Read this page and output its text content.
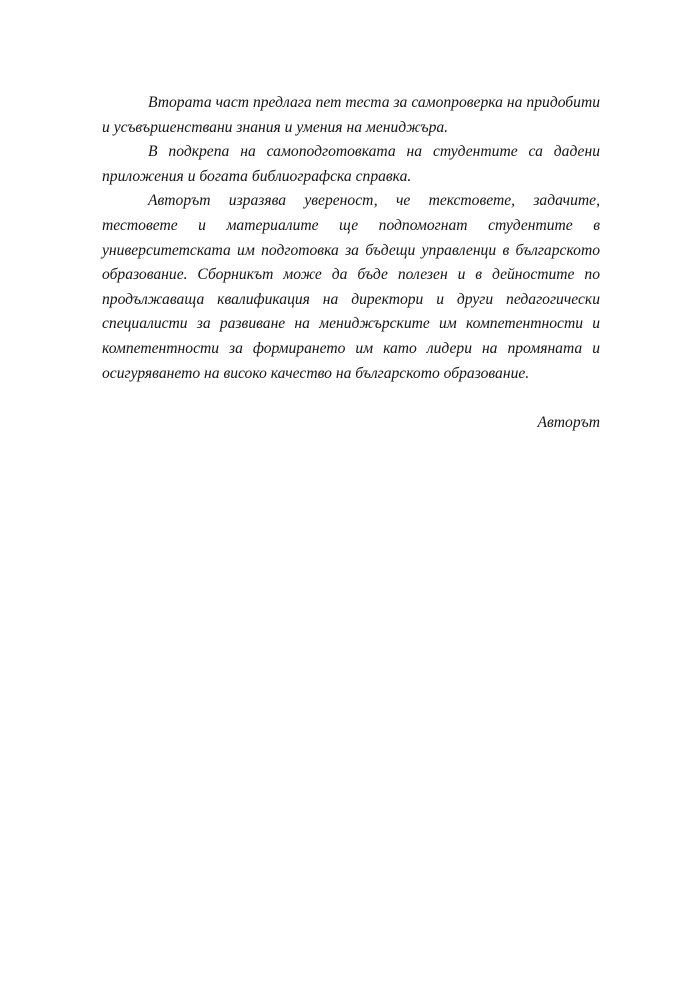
Втората част предлага пет теста за самопроверка на придобити и усъвършенствани знания и умения на мениджъра.

В подкрепа на самоподготовката на студентите са дадени приложения и богата библиографска справка.

Авторът изразява увереност, че текстовете, задачите, тестовете и материалите ще подпомогнат студентите в университетската им подготовка за бъдещи управленци в българското образование. Сборникът може да бъде полезен и в дейностите по продължаваща квалификация на директори и други педагогически специалисти за развиване на мениджърските им компетентности и компетентности за формирането им като лидери на промяната и осигуряването на високо качество на българското образование.

Авторът
